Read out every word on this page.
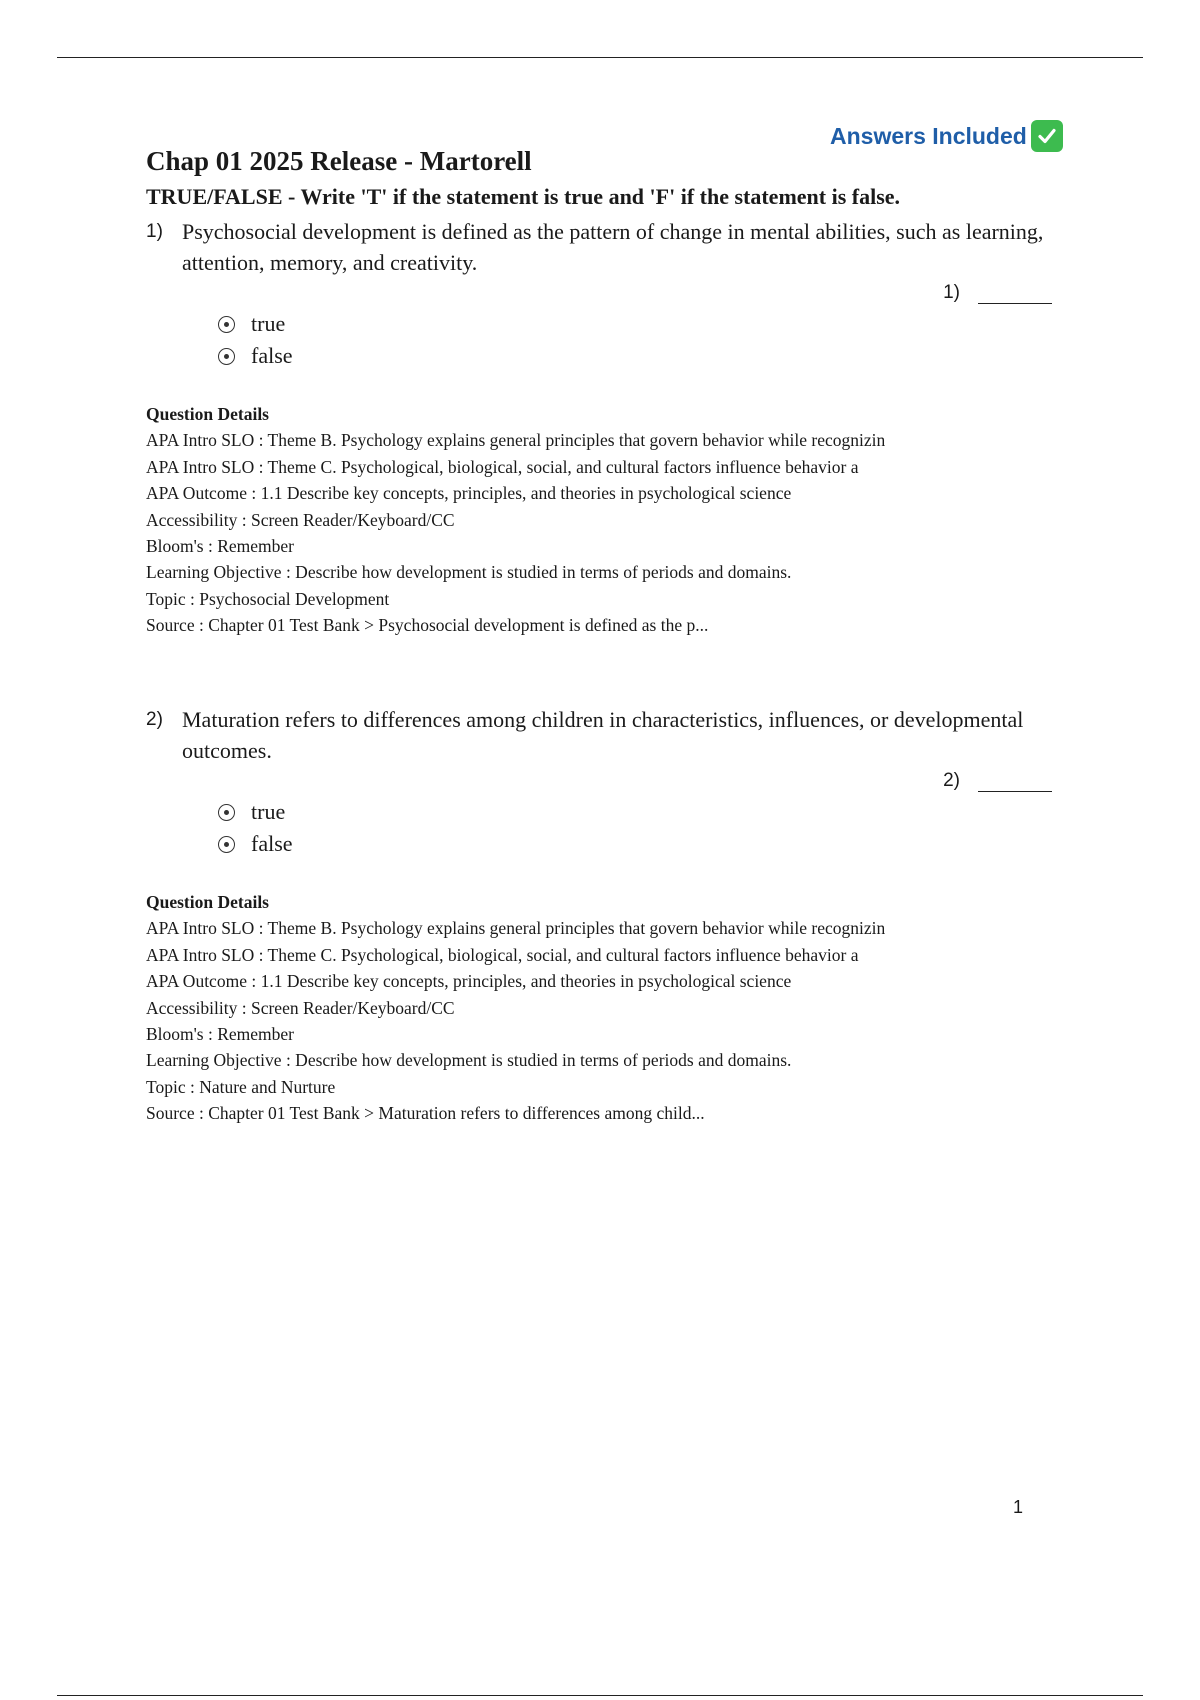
Answers Included
Chap 01 2025 Release - Martorell
TRUE/FALSE - Write 'T' if the statement is true and 'F' if the statement is false.
1) Psychosocial development is defined as the pattern of change in mental abilities, such as learning, attention, memory, and creativity.
1)
true
false
Question Details
APA Intro SLO : Theme B. Psychology explains general principles that govern behavior while recognizin
APA Intro SLO : Theme C. Psychological, biological, social, and cultural factors influence behavior a
APA Outcome : 1.1 Describe key concepts, principles, and theories in psychological science
Accessibility : Screen Reader/Keyboard/CC
Bloom's : Remember
Learning Objective : Describe how development is studied in terms of periods and domains.
Topic : Psychosocial Development
Source : Chapter 01 Test Bank > Psychosocial development is defined as the p...
2) Maturation refers to differences among children in characteristics, influences, or developmental outcomes.
2)
true
false
Question Details
APA Intro SLO : Theme B. Psychology explains general principles that govern behavior while recognizin
APA Intro SLO : Theme C. Psychological, biological, social, and cultural factors influence behavior a
APA Outcome : 1.1 Describe key concepts, principles, and theories in psychological science
Accessibility : Screen Reader/Keyboard/CC
Bloom's : Remember
Learning Objective : Describe how development is studied in terms of periods and domains.
Topic : Nature and Nurture
Source : Chapter 01 Test Bank > Maturation refers to differences among child...
1
